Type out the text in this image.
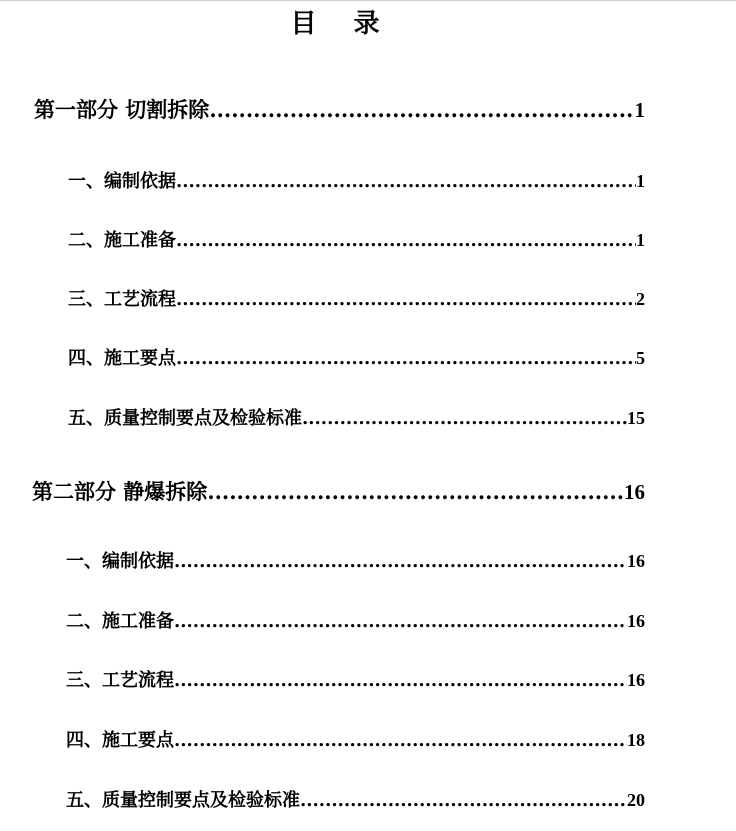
目 录
第一部分 切割拆除 .....	1
一、编制依据 .....	1
二、施工准备 .....	1
三、工艺流程 .....	2
四、施工要点 .....	5
五、质量控制要点及检验标准 .....	15
第二部分 静爆拆除 .....	16
一、编制依据 .....	16
二、施工准备 .....	16
三、工艺流程 .....	16
四、施工要点 .....	18
五、质量控制要点及检验标准 .....	20
